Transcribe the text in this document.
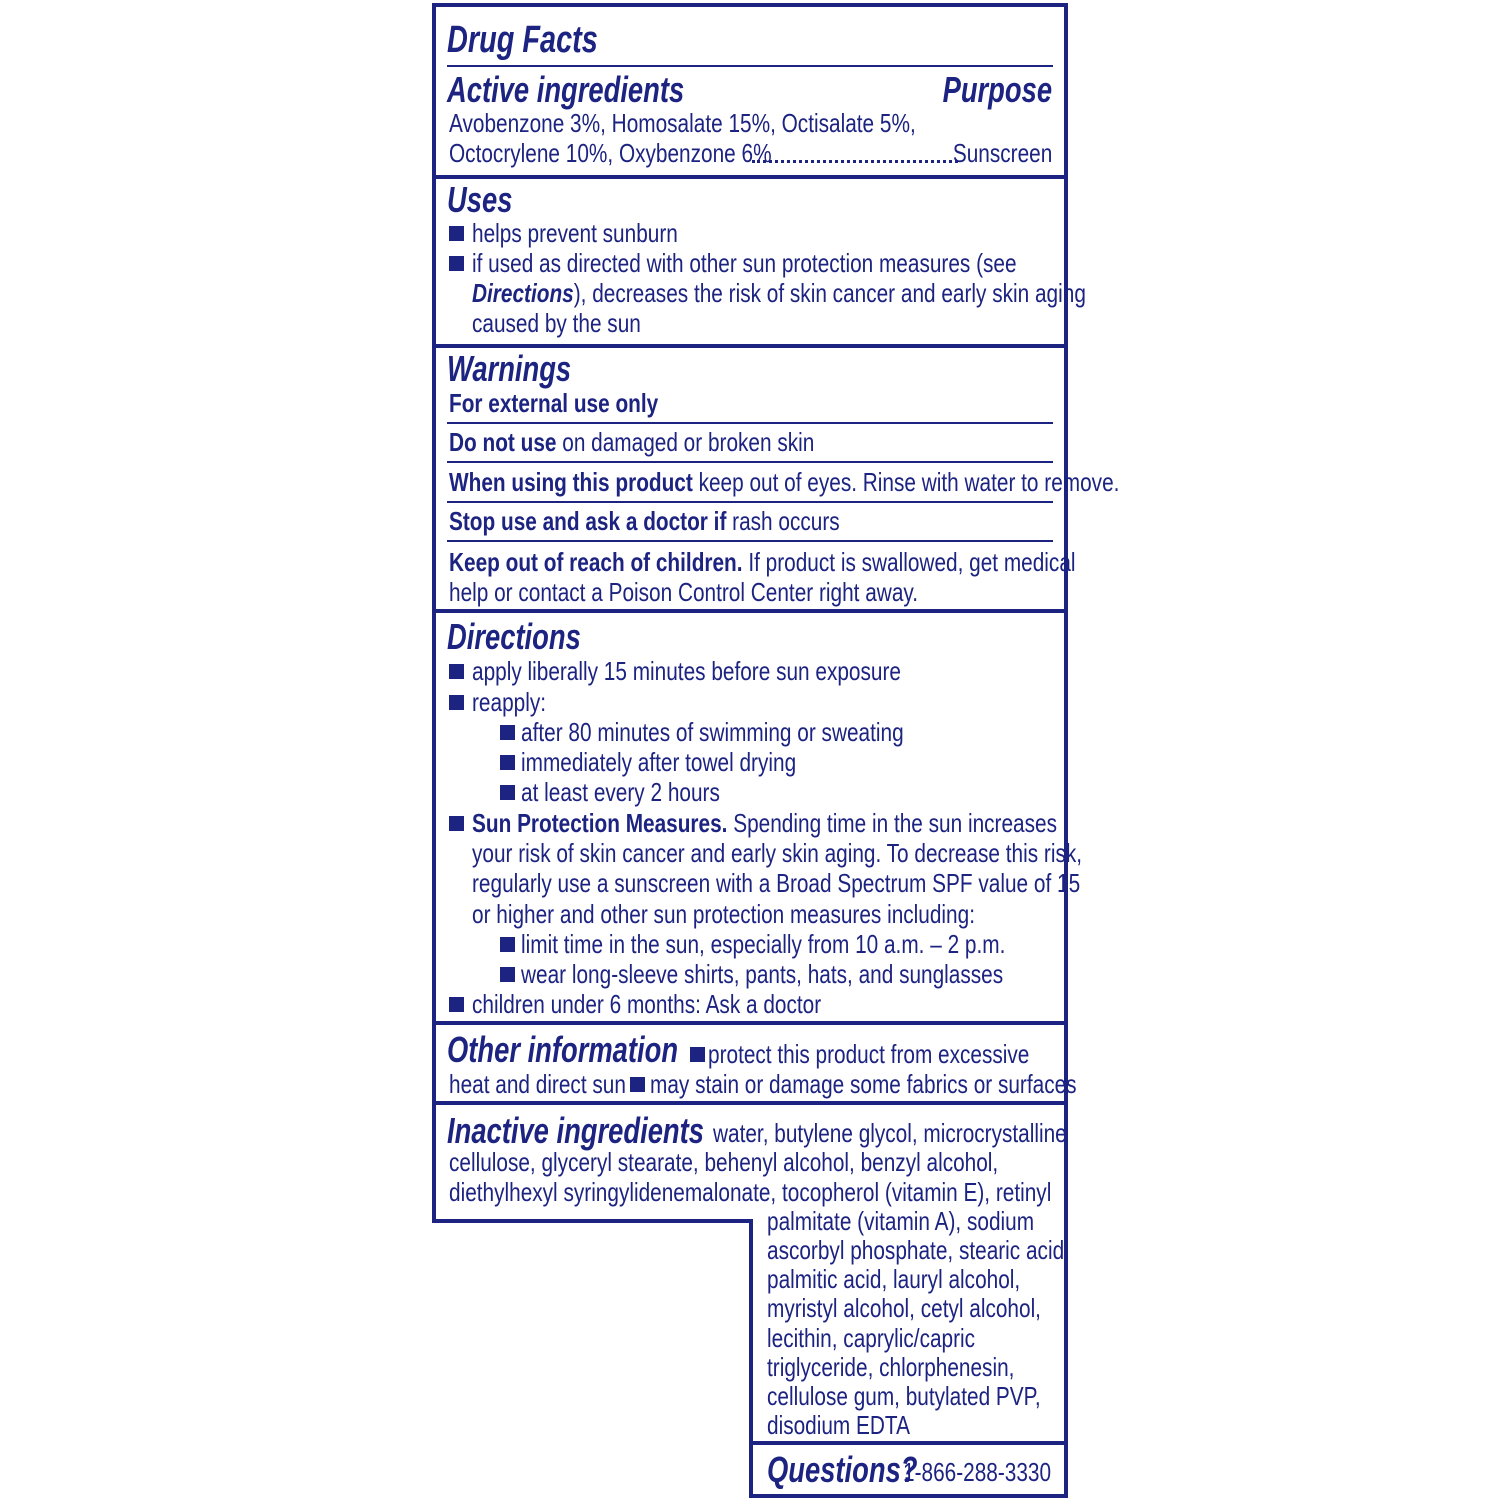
Drug Facts
Active ingredients	Purpose
Avobenzone 3%, Homosalate 15%, Octisalate 5%,
Octocrylene 10%, Oxybenzone 6%	Sunscreen
Uses
helps prevent sunburn
if used as directed with other sun protection measures (see
Directions), decreases the risk of skin cancer and early skin aging
caused by the sun
Warnings
For external use only
Do not use on damaged or broken skin
When using this product keep out of eyes. Rinse with water to remove.
Stop use and ask a doctor if rash occurs
Keep out of reach of children. If product is swallowed, get medical
help or contact a Poison Control Center right away.
Directions
apply liberally 15 minutes before sun exposure
reapply:
after 80 minutes of swimming or sweating
immediately after towel drying
at least every 2 hours
Sun Protection Measures. Spending time in the sun increases
your risk of skin cancer and early skin aging. To decrease this risk,
regularly use a sunscreen with a Broad Spectrum SPF value of 15
or higher and other sun protection measures including:
limit time in the sun, especially from 10 a.m. – 2 p.m.
wear long-sleeve shirts, pants, hats, and sunglasses
children under 6 months: Ask a doctor
Other information protect this product from excessive
heat and direct sun may stain or damage some fabrics or surfaces
Inactive ingredients water, butylene glycol, microcrystalline
cellulose, glyceryl stearate, behenyl alcohol, benzyl alcohol,
diethylhexyl syringylidenemalonate, tocopherol (vitamin E), retinyl
palmitate (vitamin A), sodium
ascorbyl phosphate, stearic acid,
palmitic acid, lauryl alcohol,
myristyl alcohol, cetyl alcohol,
lecithin, caprylic/capric
triglyceride, chlorphenesin,
cellulose gum, butylated PVP,
disodium EDTA
Questions?
1-866-288-3330
